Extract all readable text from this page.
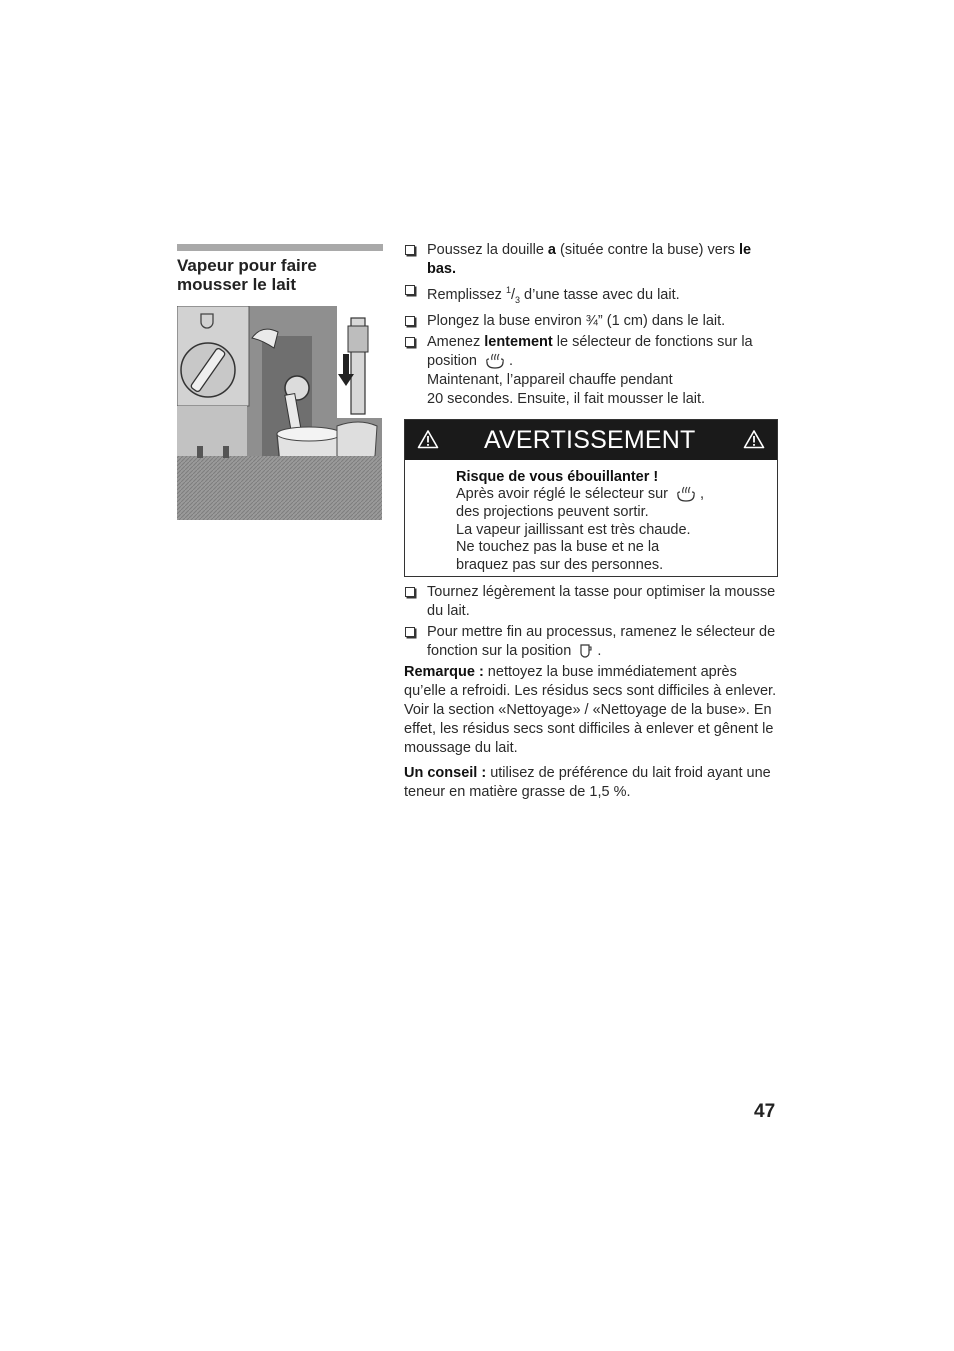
Vapeur pour faire mousser le lait

Poussez la douille a (située contre la buse) vers le bas.

Remplissez $^1/_3$ d’une tasse avec du lait.

Plongez la buse environ ¾” (1 cm) dans le lait.

Amenez lentement le sélecteur de fonctions sur la position .
Maintenant, l’appareil chauffe pendant
20 secondes. Ensuite, il fait mousser le lait.

AVERTISSEMENT

Risque de vous ébouillanter !

Après avoir réglé le sélecteur sur ,

des projections peuvent sortir.

La vapeur jaillissant est très chaude.

Ne touchez pas la buse et ne la

braquez pas sur des personnes.

Tournez légèrement la tasse pour optimiser la mousse du lait.

Pour mettre fin au processus, ramenez le sélecteur de fonction sur la position .

Remarque : nettoyez la buse immédiatement après qu’elle a refroidi. Les résidus secs sont difficiles à enlever. Voir la section «Nettoyage» / «Nettoyage de la buse». En effet, les résidus secs sont difficiles à enlever et gênent le moussage du lait.

Un conseil : utilisez de préférence du lait froid ayant une teneur en matière grasse de 1,5 %.

47
